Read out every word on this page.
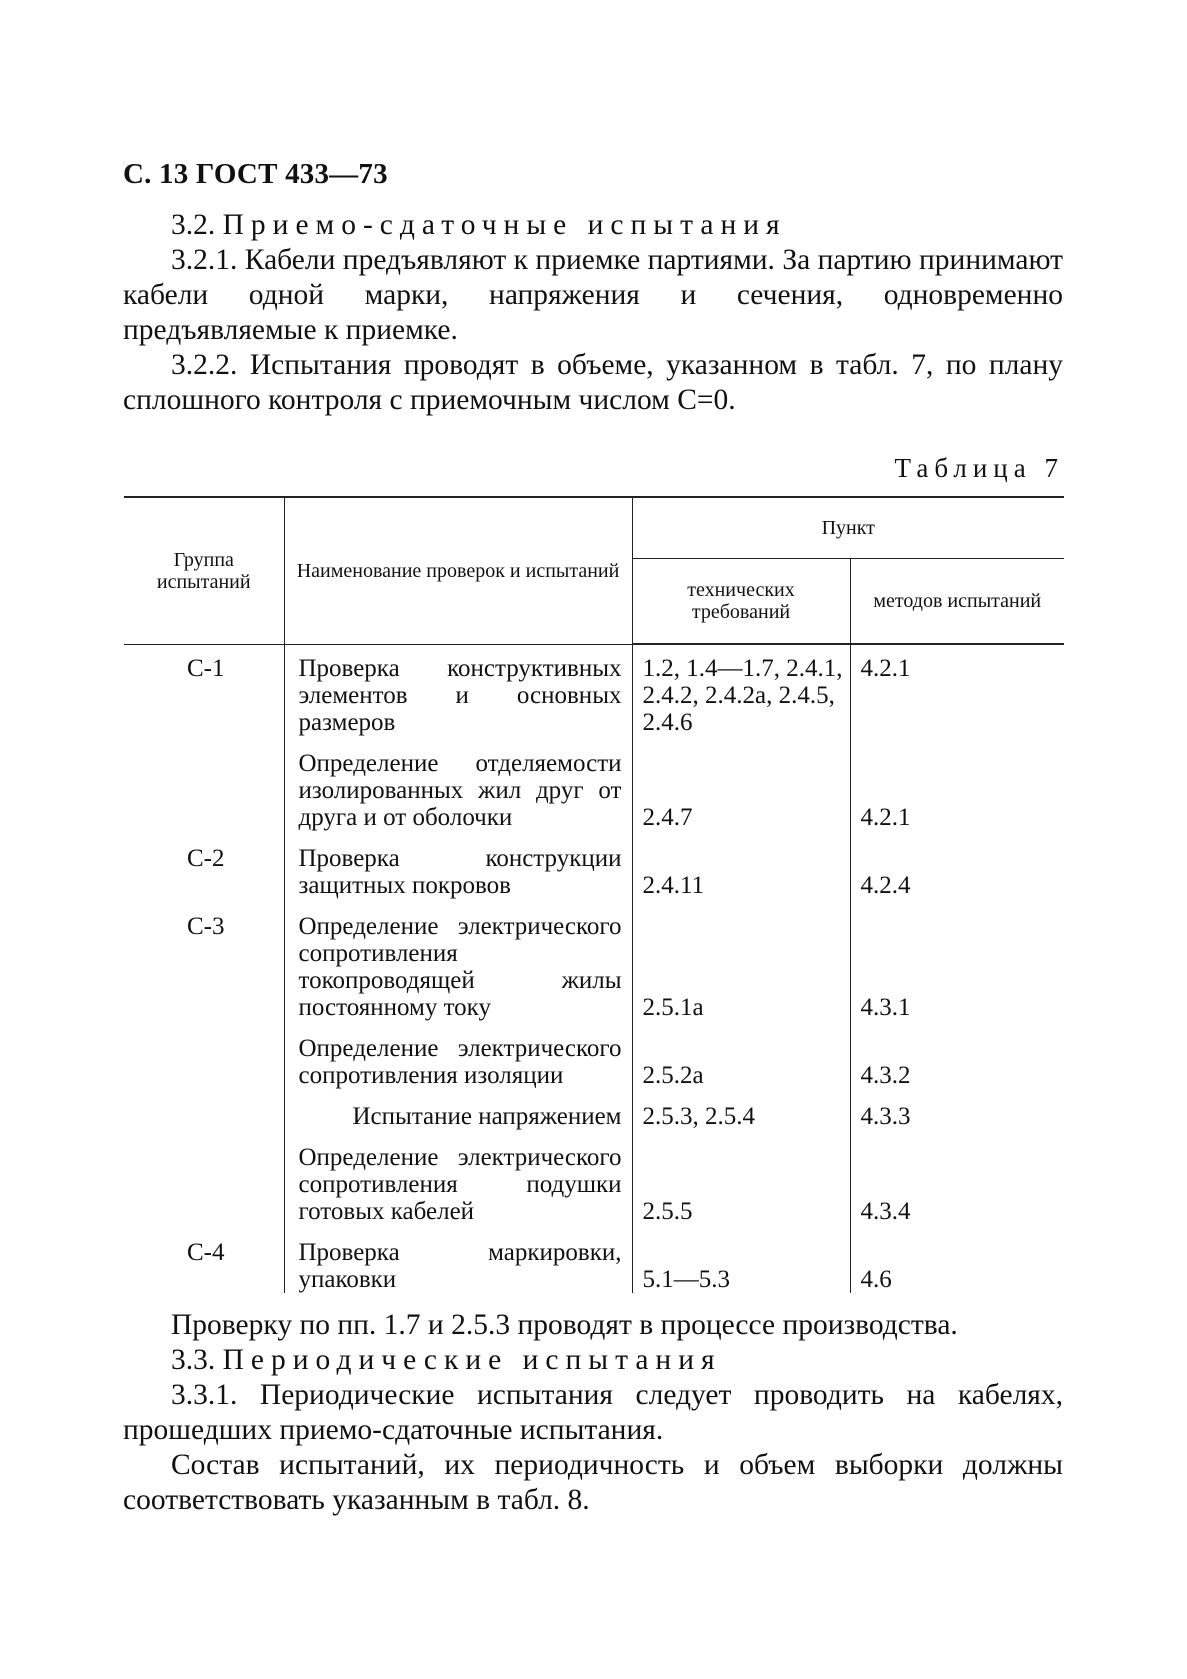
С. 13 ГОСТ 433—73

3.2. Приемо-сдаточные испытания

3.2.1. Кабели предъявляют к приемке партиями. За партию принимают кабели одной марки, напряжения и сечения, одновременно предъявляемые к приемке.

3.2.2. Испытания проводят в объеме, указанном в табл. 7, по плану сплошного контроля с приемочным числом C=0.

Таблица 7
Группа испытаний	Наименование проверок и испытаний	Пункт	
		технических требований	методов испытаний
С-1	Проверка конструктивных элементов и основных размеров	1.2, 1.4—1.7, 2.4.1, 2.4.2, 2.4.2а, 2.4.5, 2.4.6	4.2.1
	Определение отделяемости изолированных жил друг от друга и от оболочки	2.4.7	4.2.1
С-2	Проверка конструкции защитных покровов	2.4.11	4.2.4
С-3	Определение электрического сопротивления токопроводящей жилы постоянному току	2.5.1а	4.3.1
	Определение электрического сопротивления изоляции	2.5.2а	4.3.2
	Испытание напряжением	2.5.3, 2.5.4	4.3.3
	Определение электрического сопротивления подушки готовых кабелей	2.5.5	4.3.4
С-4	Проверка маркировки, упаковки	5.1—5.3	4.6

Проверку по пп. 1.7 и 2.5.3 проводят в процессе производства.

3.3. Периодические испытания

3.3.1. Периодические испытания следует проводить на кабелях, прошедших приемо-сдаточные испытания.

Состав испытаний, их периодичность и объем выборки должны соответствовать указанным в табл. 8.
